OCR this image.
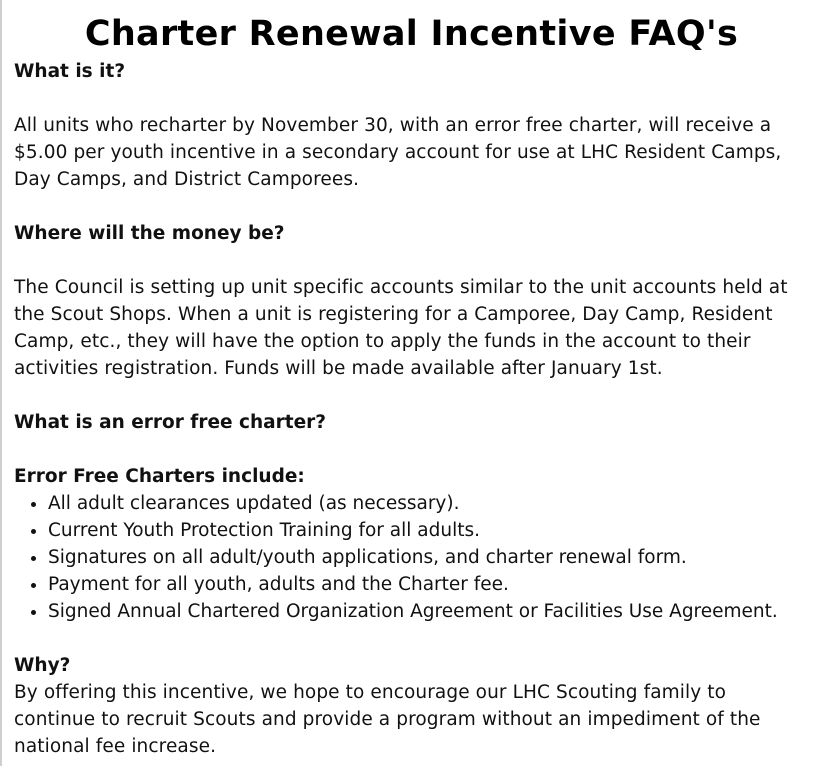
Charter Renewal Incentive FAQ's

What is it?

All units who recharter by November 30, with an error free charter, will receive a $5.00 per youth incentive in a secondary account for use at LHC Resident Camps, Day Camps, and District Camporees.

Where will the money be?

The Council is setting up unit specific accounts similar to the unit accounts held at the Scout Shops. When a unit is registering for a Camporee, Day Camp, Resident Camp, etc., they will have the option to apply the funds in the account to their activities registration. Funds will be made available after January 1st.

What is an error free charter?

Error Free Charters include:

• All adult clearances updated (as necessary).
• Current Youth Protection Training for all adults.
• Signatures on all adult/youth applications, and charter renewal form.
• Payment for all youth, adults and the Charter fee.
• Signed Annual Chartered Organization Agreement or Facilities Use Agreement.

Why?

By offering this incentive, we hope to encourage our LHC Scouting family to continue to recruit Scouts and provide a program without an impediment of the national fee increase.
